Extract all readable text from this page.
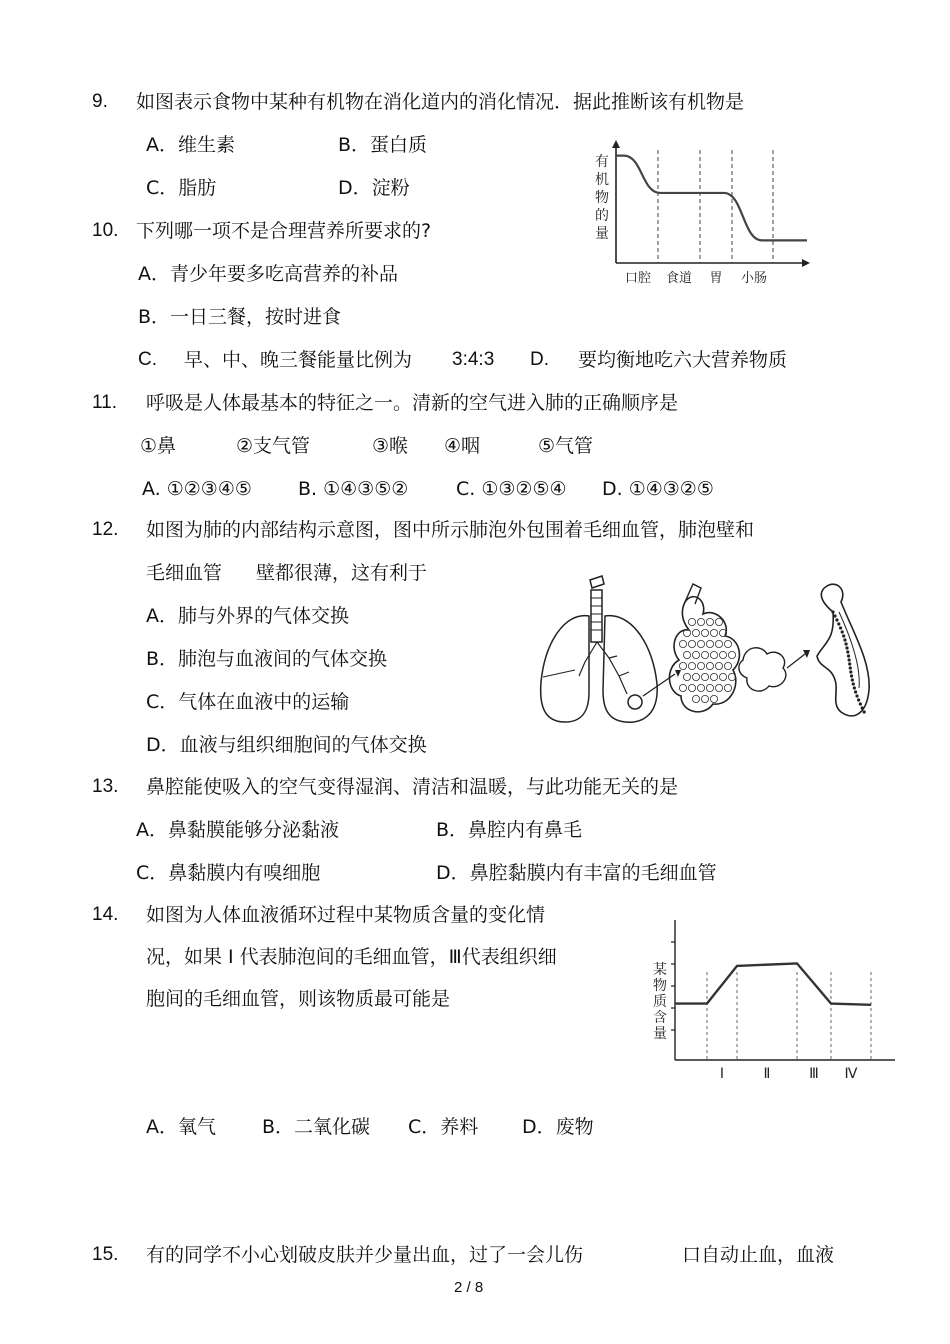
9. 如图表示食物中某种有机物在消化道内的消化情况．据此推断该有机物是
A．维生素	B．蛋白质
C．脂肪	D．淀粉
有
机
物
的
量
口腔 食道 胃 小肠
10. 下列哪一项不是合理营养所要求的?
A．青少年要多吃高营养的补品
B．一日三餐，按时进食
C. 早、中、晚三餐能量比例为 3:4:3 D. 要均衡地吃六大营养物质
11. 呼吸是人体最基本的特征之一。清新的空气进入肺的正确顺序是
①鼻	②支气管	③喉 ④咽	⑤气管
A. ①②③④⑤ B. ①④③⑤②	C. ①③②⑤④ D. ①④③②⑤
12. 如图为肺的内部结构示意图，图中所示肺泡外包围着毛细血管，肺泡壁和
毛细血管 壁都很薄，这有利于
A．肺与外界的气体交换
B．肺泡与血液间的气体交换
C．气体在血液中的运输
D．血液与组织细胞间的气体交换
13. 鼻腔能使吸入的空气变得湿润、清洁和温暖，与此功能无关的是
A．鼻黏膜能够分泌黏液	B．鼻腔内有鼻毛
C．鼻黏膜内有嗅细胞	D．鼻腔黏膜内有丰富的毛细血管
14. 如图为人体血液循环过程中某物质含量的变化情
况，如果 Ⅰ 代表肺泡间的毛细血管，Ⅲ代表组织细
胞间的毛细血管，则该物质最可能是
某
物
质
含
量
Ⅰ	Ⅱ	Ⅲ Ⅳ
A．氧气 B．二氧化碳 C．养料 D．废物
15. 有的同学不小心划破皮肤并少量出血，过了一会儿伤	口自动止血，血液
2 / 8
